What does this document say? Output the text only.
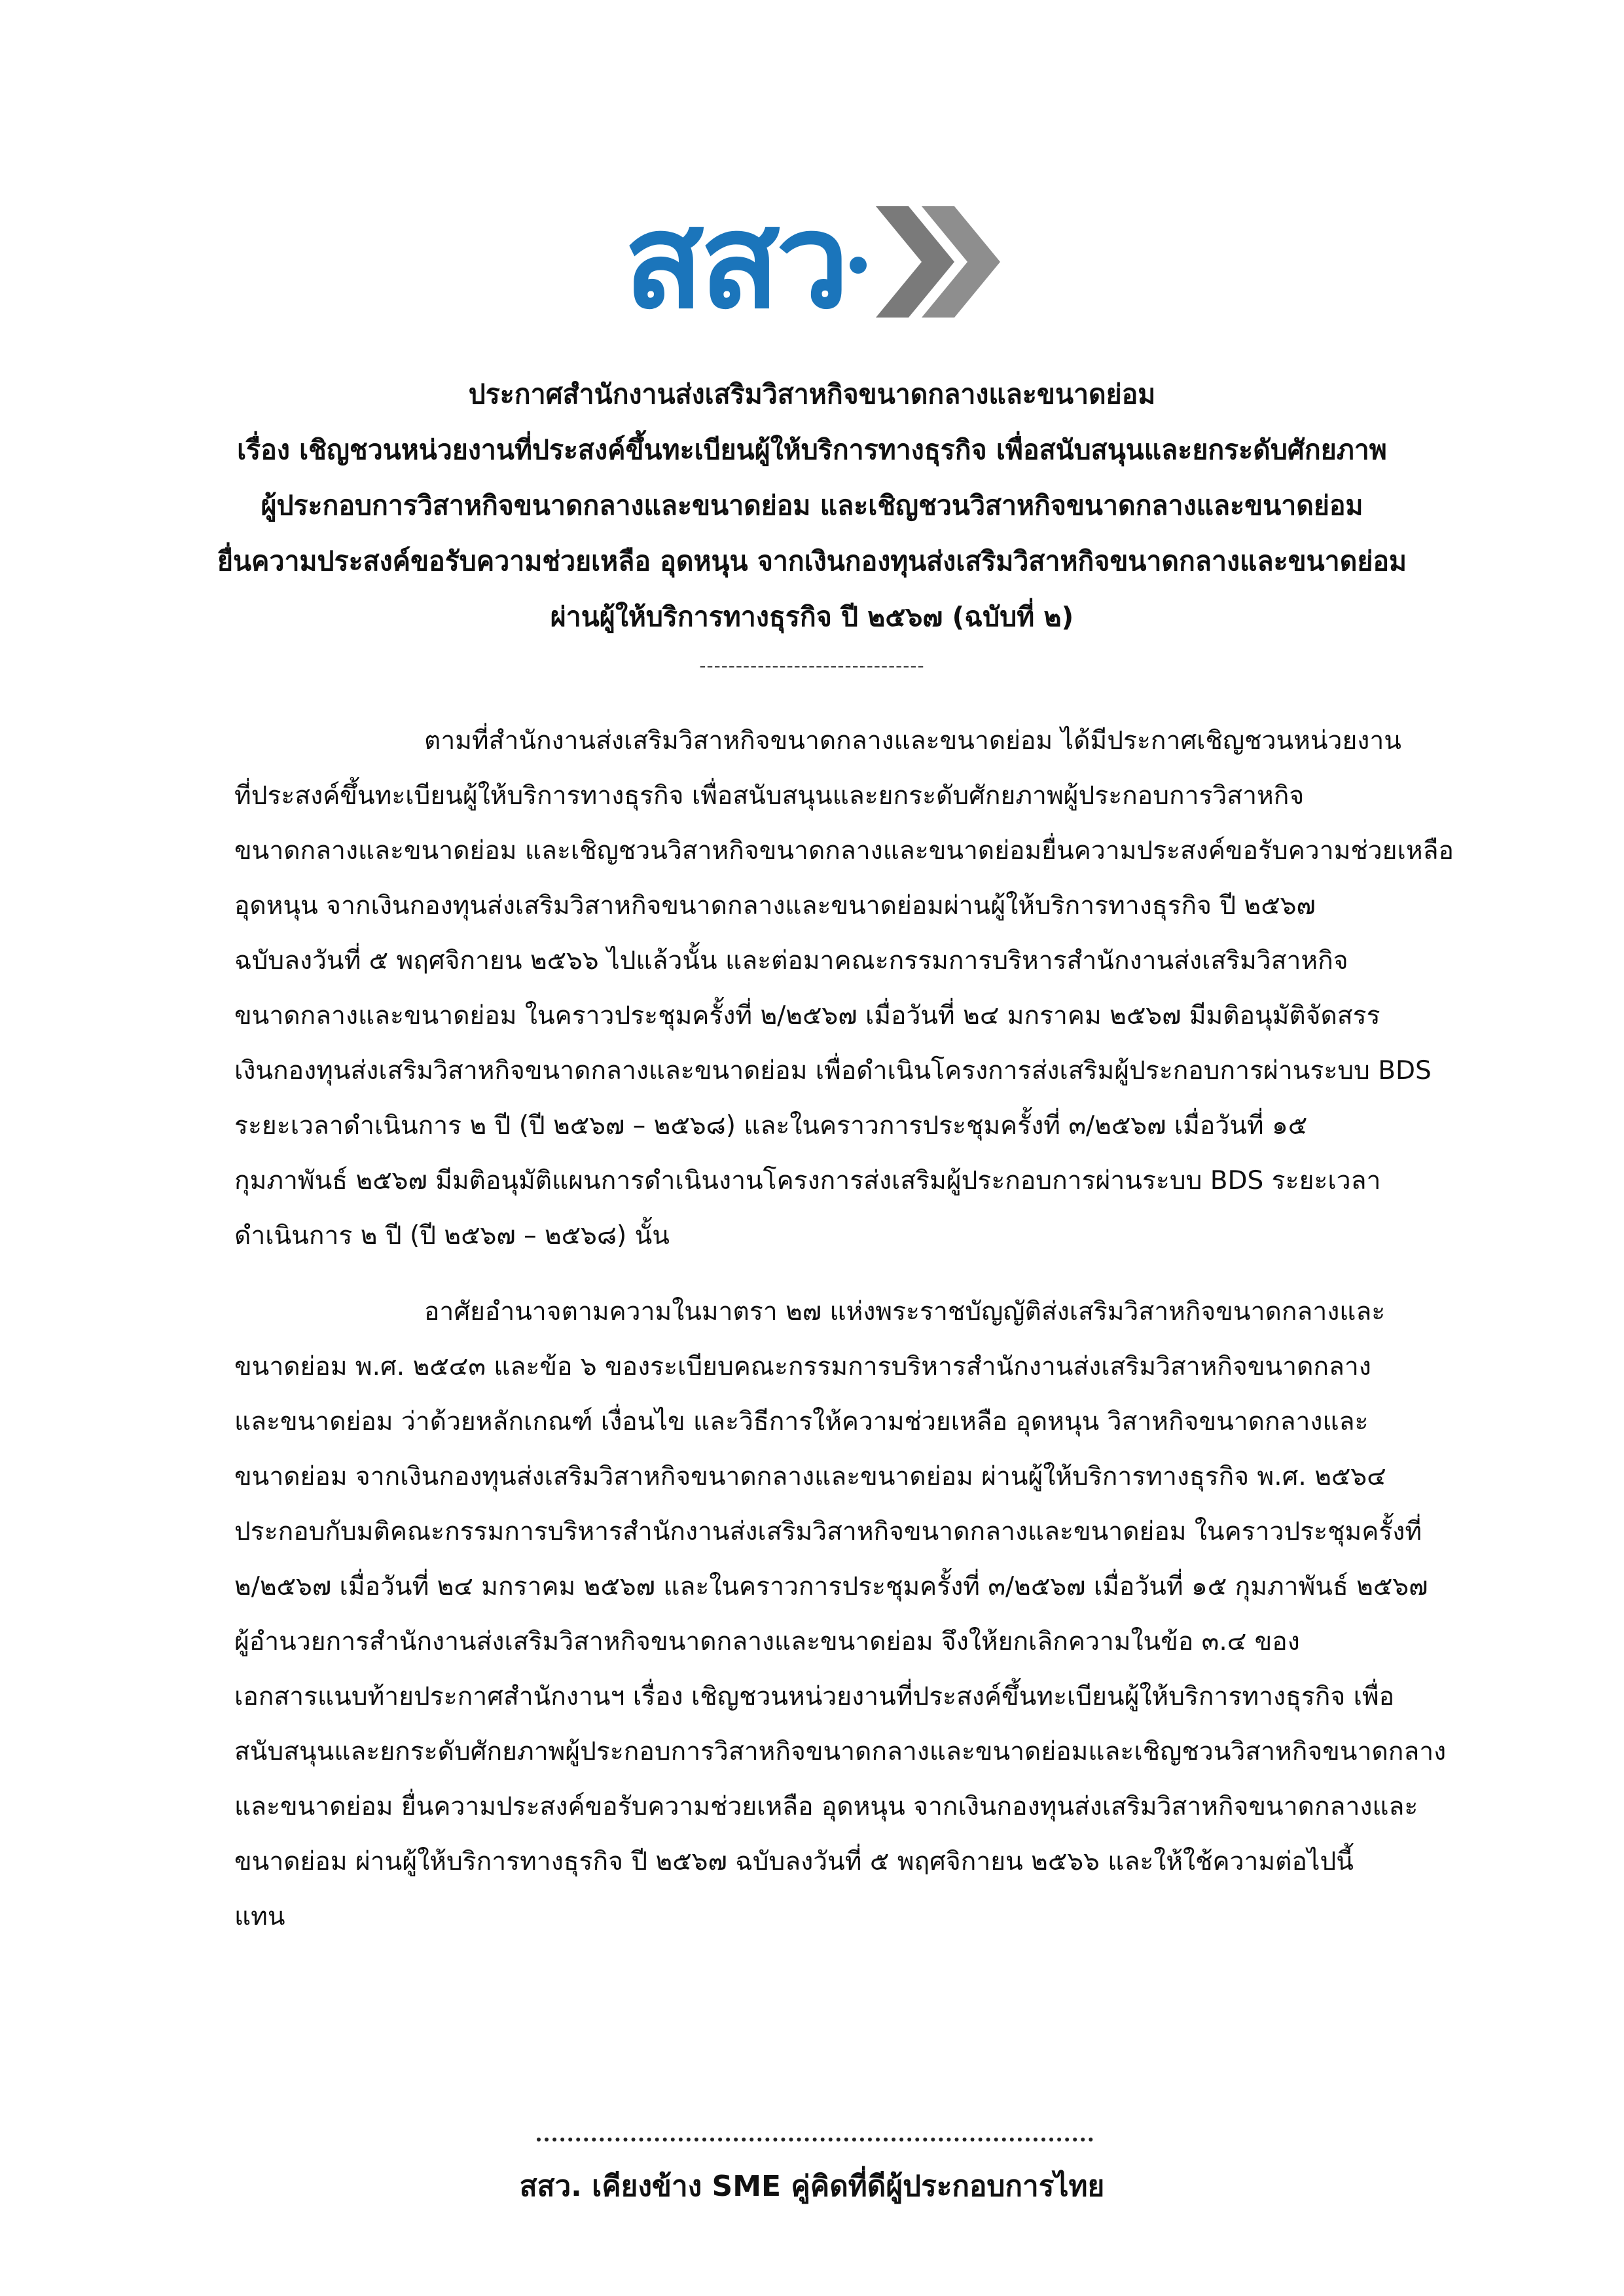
สสว
ประกาศสำนักงานส่งเสริมวิสาหกิจขนาดกลางและขนาดย่อม
เรื่อง เชิญชวนหน่วยงานที่ประสงค์ขึ้นทะเบียนผู้ให้บริการทางธุรกิจ เพื่อสนับสนุนและยกระดับศักยภาพ
ผู้ประกอบการวิสาหกิจขนาดกลางและขนาดย่อม และเชิญชวนวิสาหกิจขนาดกลางและขนาดย่อม
ยื่นความประสงค์ขอรับความช่วยเหลือ อุดหนุน จากเงินกองทุนส่งเสริมวิสาหกิจขนาดกลางและขนาดย่อม
ผ่านผู้ให้บริการทางธุรกิจ ปี ๒๕๖๗ (ฉบับที่ ๒)
-------------------------------

ตามที่สำนักงานส่งเสริมวิสาหกิจขนาดกลางและขนาดย่อม ได้มีประกาศเชิญชวนหน่วยงาน
ที่ประสงค์ขึ้นทะเบียนผู้ให้บริการทางธุรกิจ เพื่อสนับสนุนและยกระดับศักยภาพผู้ประกอบการวิสาหกิจ
ขนาดกลางและขนาดย่อม และเชิญชวนวิสาหกิจขนาดกลางและขนาดย่อมยื่นความประสงค์ขอรับความช่วยเหลือ
อุดหนุน จากเงินกองทุนส่งเสริมวิสาหกิจขนาดกลางและขนาดย่อมผ่านผู้ให้บริการทางธุรกิจ ปี ๒๕๖๗
ฉบับลงวันที่ ๕ พฤศจิกายน ๒๕๖๖ ไปแล้วนั้น และต่อมาคณะกรรมการบริหารสำนักงานส่งเสริมวิสาหกิจ
ขนาดกลางและขนาดย่อม ในคราวประชุมครั้งที่ ๒/๒๕๖๗ เมื่อวันที่ ๒๔ มกราคม ๒๕๖๗ มีมติอนุมัติจัดสรร
เงินกองทุนส่งเสริมวิสาหกิจขนาดกลางและขนาดย่อม เพื่อดำเนินโครงการส่งเสริมผู้ประกอบการผ่านระบบ BDS
ระยะเวลาดำเนินการ ๒ ปี (ปี ๒๕๖๗ – ๒๕๖๘) และในคราวการประชุมครั้งที่ ๓/๒๕๖๗ เมื่อวันที่ ๑๕
กุมภาพันธ์ ๒๕๖๗ มีมติอนุมัติแผนการดำเนินงานโครงการส่งเสริมผู้ประกอบการผ่านระบบ BDS ระยะเวลา
ดำเนินการ ๒ ปี (ปี ๒๕๖๗ – ๒๕๖๘) นั้น

อาศัยอำนาจตามความในมาตรา ๒๗ แห่งพระราชบัญญัติส่งเสริมวิสาหกิจขนาดกลางและ
ขนาดย่อม พ.ศ. ๒๕๔๓ และข้อ ๖ ของระเบียบคณะกรรมการบริหารสำนักงานส่งเสริมวิสาหกิจขนาดกลาง
และขนาดย่อม ว่าด้วยหลักเกณฑ์ เงื่อนไข และวิธีการให้ความช่วยเหลือ อุดหนุน วิสาหกิจขนาดกลางและ
ขนาดย่อม จากเงินกองทุนส่งเสริมวิสาหกิจขนาดกลางและขนาดย่อม ผ่านผู้ให้บริการทางธุรกิจ พ.ศ. ๒๕๖๔
ประกอบกับมติคณะกรรมการบริหารสำนักงานส่งเสริมวิสาหกิจขนาดกลางและขนาดย่อม ในคราวประชุมครั้งที่
๒/๒๕๖๗ เมื่อวันที่ ๒๔ มกราคม ๒๕๖๗ และในคราวการประชุมครั้งที่ ๓/๒๕๖๗ เมื่อวันที่ ๑๕ กุมภาพันธ์ ๒๕๖๗
ผู้อำนวยการสำนักงานส่งเสริมวิสาหกิจขนาดกลางและขนาดย่อม จึงให้ยกเลิกความในข้อ ๓.๔ ของ
เอกสารแนบท้ายประกาศสำนักงานฯ เรื่อง เชิญชวนหน่วยงานที่ประสงค์ขึ้นทะเบียนผู้ให้บริการทางธุรกิจ เพื่อ
สนับสนุนและยกระดับศักยภาพผู้ประกอบการวิสาหกิจขนาดกลางและขนาดย่อมและเชิญชวนวิสาหกิจขนาดกลาง
และขนาดย่อม ยื่นความประสงค์ขอรับความช่วยเหลือ อุดหนุน จากเงินกองทุนส่งเสริมวิสาหกิจขนาดกลางและ
ขนาดย่อม ผ่านผู้ให้บริการทางธุรกิจ ปี ๒๕๖๗ ฉบับลงวันที่ ๕ พฤศจิกายน ๒๕๖๖ และให้ใช้ความต่อไปนี้
แทน

สสว. เคียงข้าง SME คู่คิดที่ดีผู้ประกอบการไทย
